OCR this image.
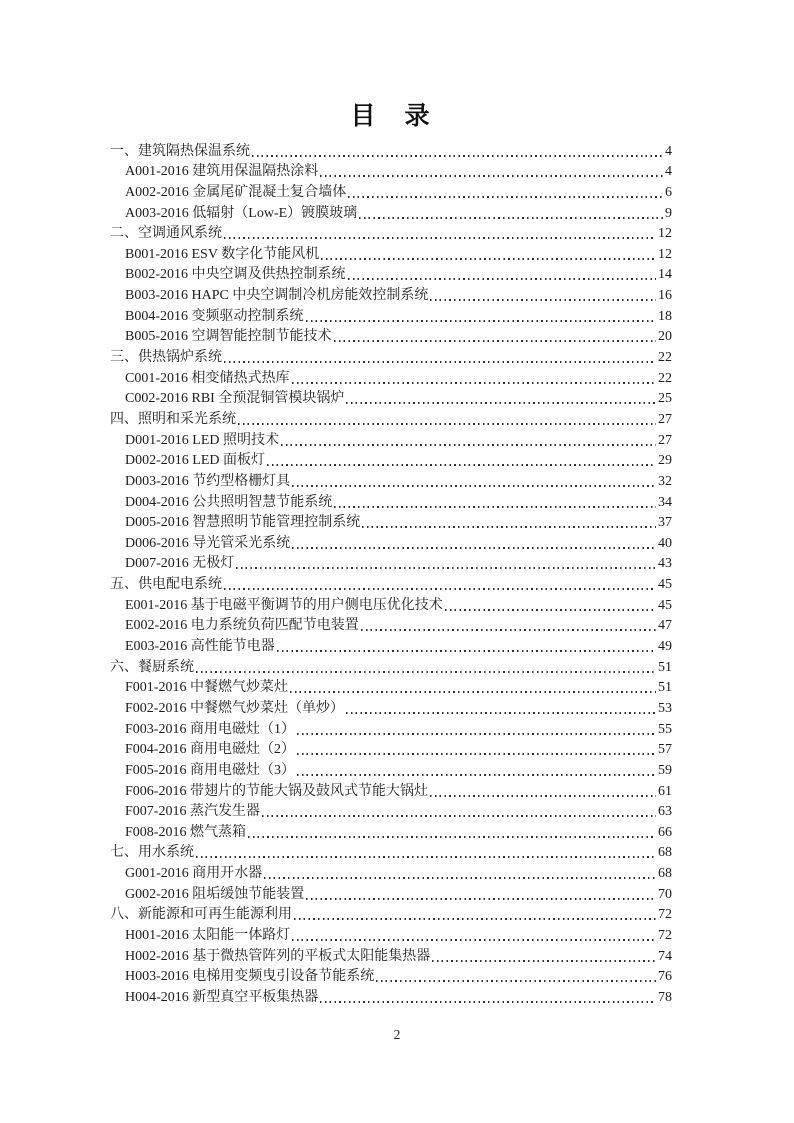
目　录
一、建筑隔热保温系统	4
A001-2016 建筑用保温隔热涂料	4
A002-2016 金属尾矿混凝土复合墙体	6
A003-2016 低辐射（Low-E）镀膜玻璃	9
二、空调通风系统	12
B001-2016 ESV 数字化节能风机	12
B002-2016 中央空调及供热控制系统	14
B003-2016 HAPC 中央空调制冷机房能效控制系统	16
B004-2016 变频驱动控制系统	18
B005-2016 空调智能控制节能技术	20
三、供热锅炉系统	22
C001-2016 相变储热式热库	22
C002-2016 RBI 全预混铜管模块锅炉	25
四、照明和采光系统	27
D001-2016 LED 照明技术	27
D002-2016 LED 面板灯	29
D003-2016 节约型格栅灯具	32
D004-2016 公共照明智慧节能系统	34
D005-2016 智慧照明节能管理控制系统	37
D006-2016 导光管采光系统	40
D007-2016 无极灯	43
五、供电配电系统	45
E001-2016 基于电磁平衡调节的用户侧电压优化技术	45
E002-2016 电力系统负荷匹配节电装置	47
E003-2016 高性能节电器	49
六、餐厨系统	51
F001-2016 中餐燃气炒菜灶	51
F002-2016 中餐燃气炒菜灶（单炒）	53
F003-2016 商用电磁灶（1）	55
F004-2016 商用电磁灶（2）	57
F005-2016 商用电磁灶（3）	59
F006-2016 带翅片的节能大锅及鼓风式节能大锅灶	61
F007-2016 蒸汽发生器	63
F008-2016 燃气蒸箱	66
七、用水系统	68
G001-2016 商用开水器	68
G002-2016 阻垢缓蚀节能装置	70
八、新能源和可再生能源利用	72
H001-2016 太阳能一体路灯	72
H002-2016 基于微热管阵列的平板式太阳能集热器	74
H003-2016 电梯用变频曳引设备节能系统	76
H004-2016 新型真空平板集热器	78
2
